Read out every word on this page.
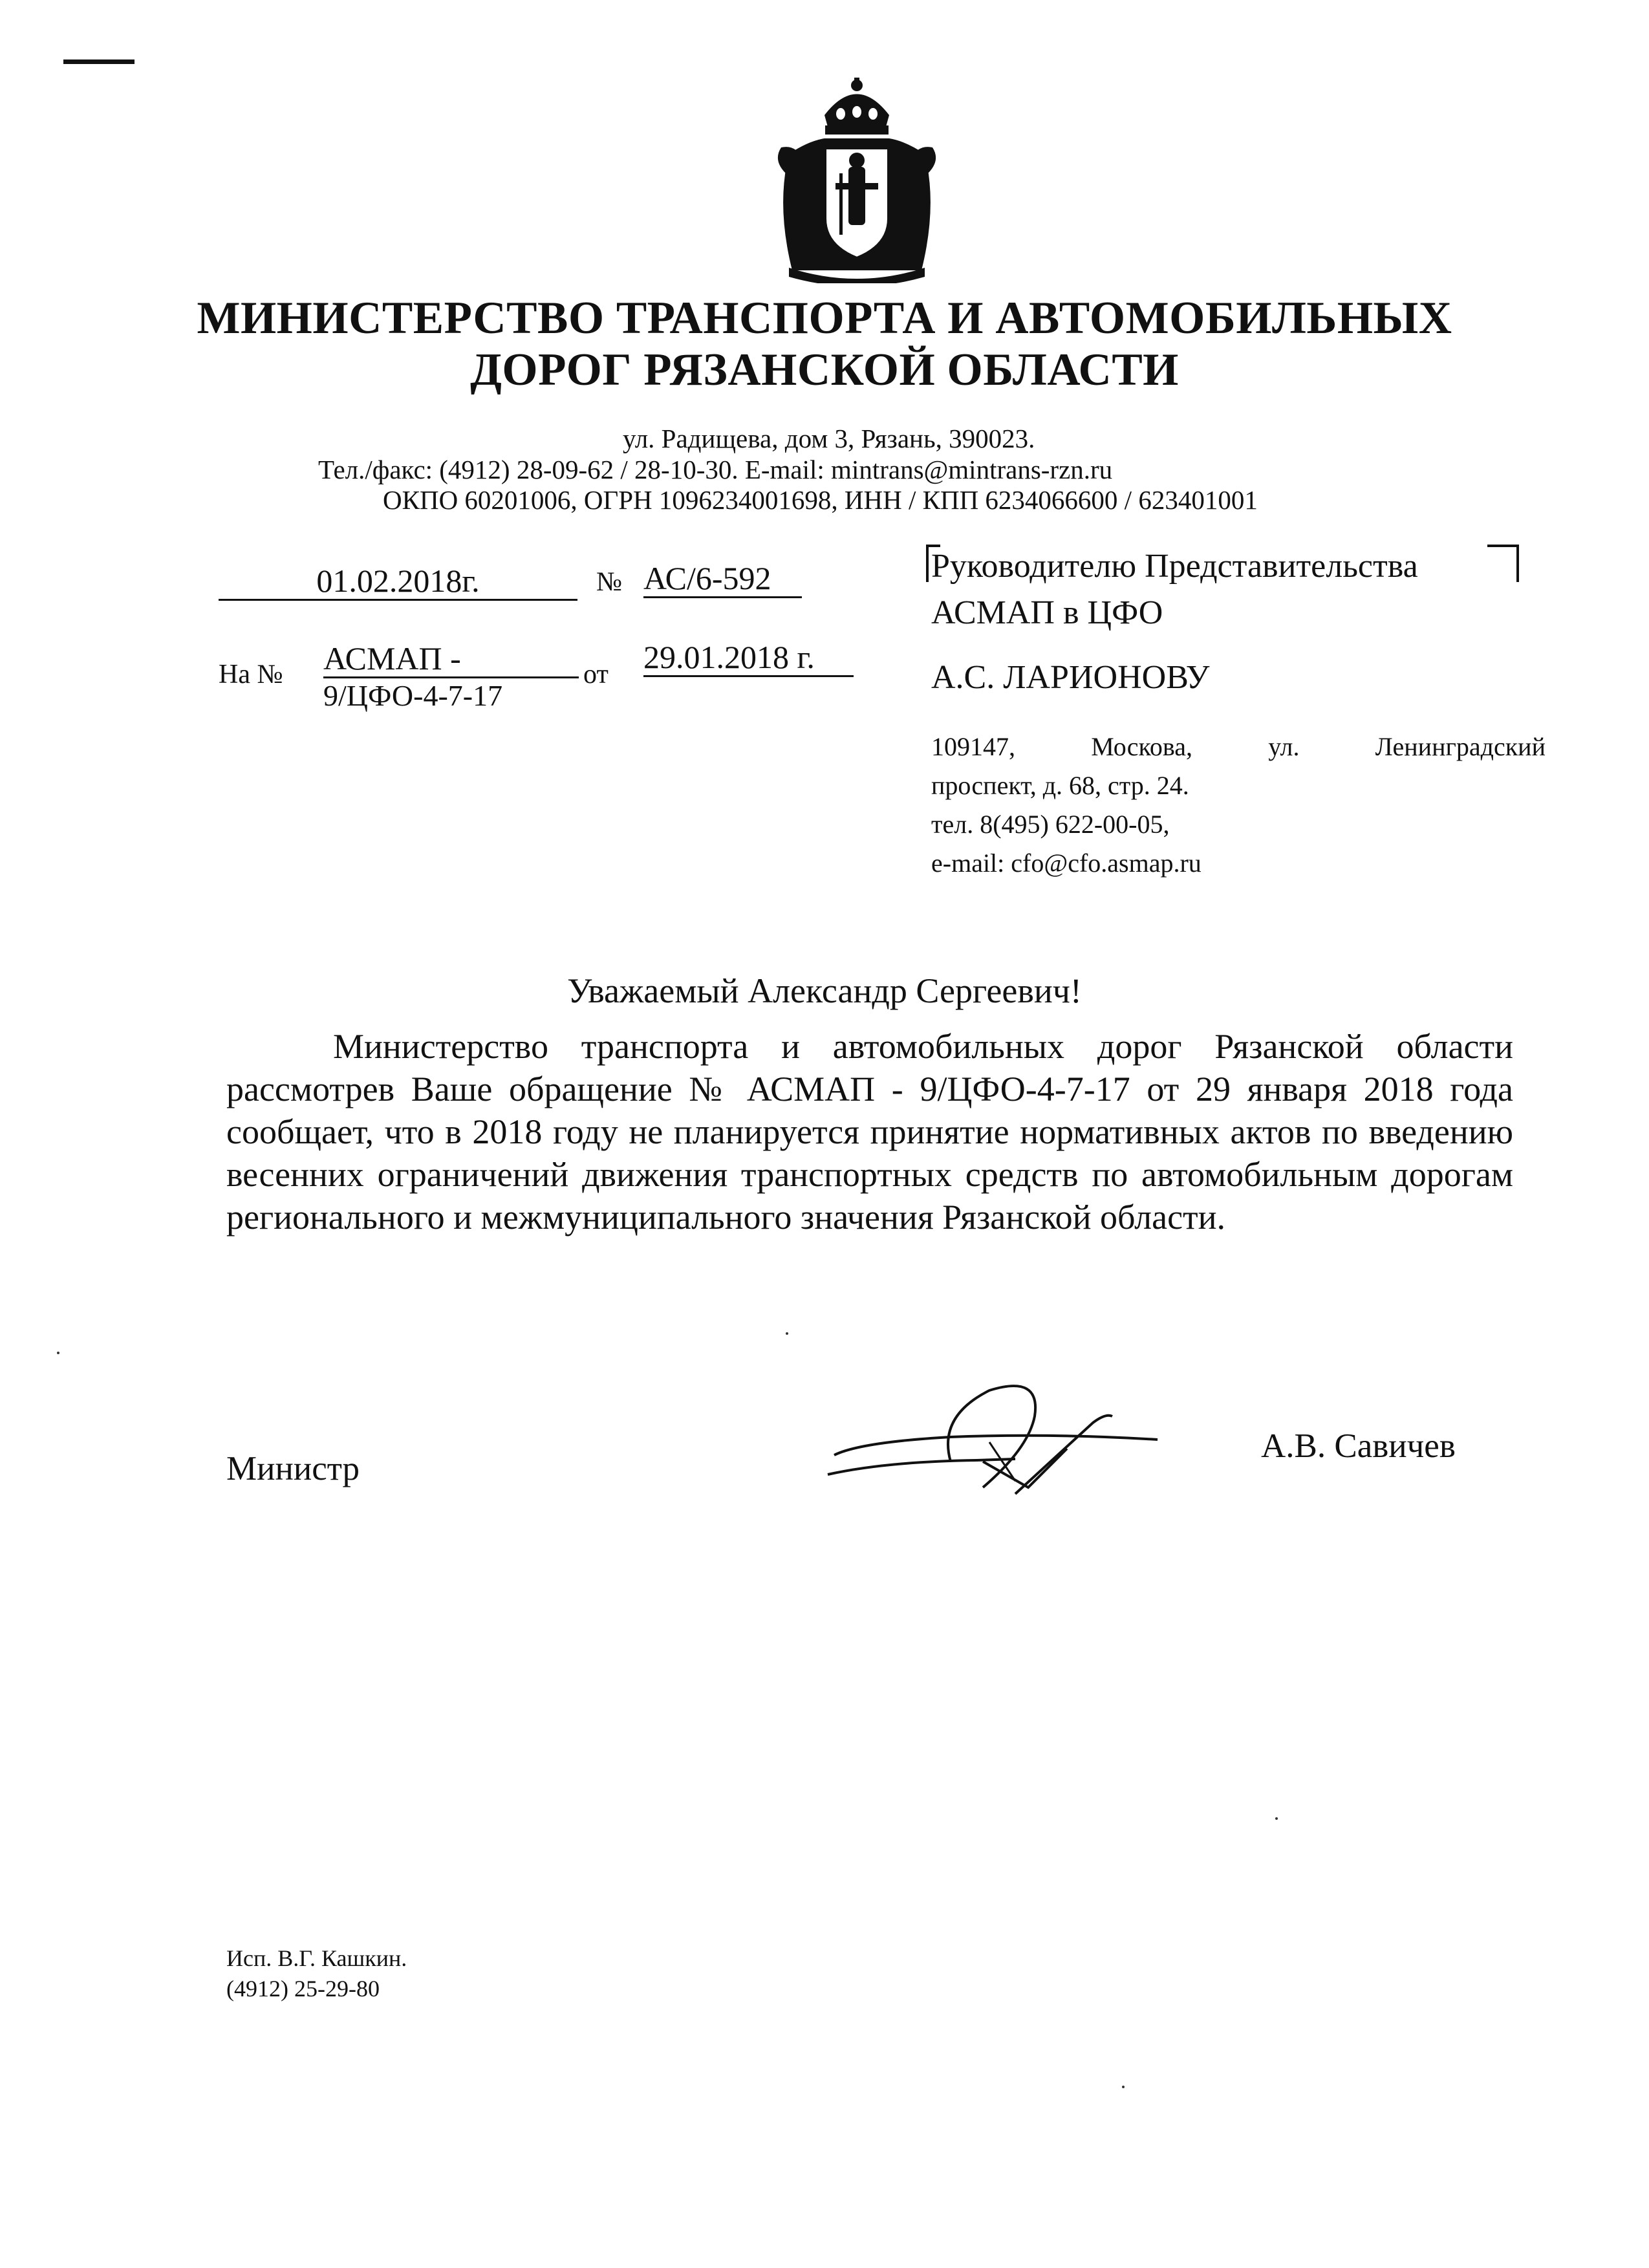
МИНИСТЕРСТВО ТРАНСПОРТА И АВТОМОБИЛЬНЫХ
ДОРОГ РЯЗАНСКОЙ ОБЛАСТИ
ул. Радищева, дом 3, Рязань, 390023.
Тел./факс: (4912) 28-09-62 / 28-10-30. E-mail: mintrans@mintrans-rzn.ru
ОКПО 60201006, ОГРН 1096234001698, ИНН / КПП 6234066600 / 623401001
01.02.2018г.	№ АС/6-592
На № АСМАП -
9/ЦФО-4-7-17
от 29.01.2018 г.
Руководителю Представительства
АСМАП в ЦФО
А.С. ЛАРИОНОВУ
109147,	Москова,	ул.	Ленинградский
проспект, д. 68, стр. 24.
тел. 8(495) 622-00-05,
e-mail: cfo@cfo.asmap.ru
Уважаемый Александр Сергеевич!
Министерство транспорта и автомобильных дорог Рязанской области рассмотрев Ваше обращение № АСМАП - 9/ЦФО-4-7-17 от 29 января 2018 года сообщает, что в 2018 году не планируется принятие нормативных актов по введению весенних ограничений движения транспортных средств по автомобильным дорогам регионального и межмуниципального значения Рязанской области.
Министр
А.В. Савичев
Исп. В.Г. Кашкин.
(4912) 25-29-80
